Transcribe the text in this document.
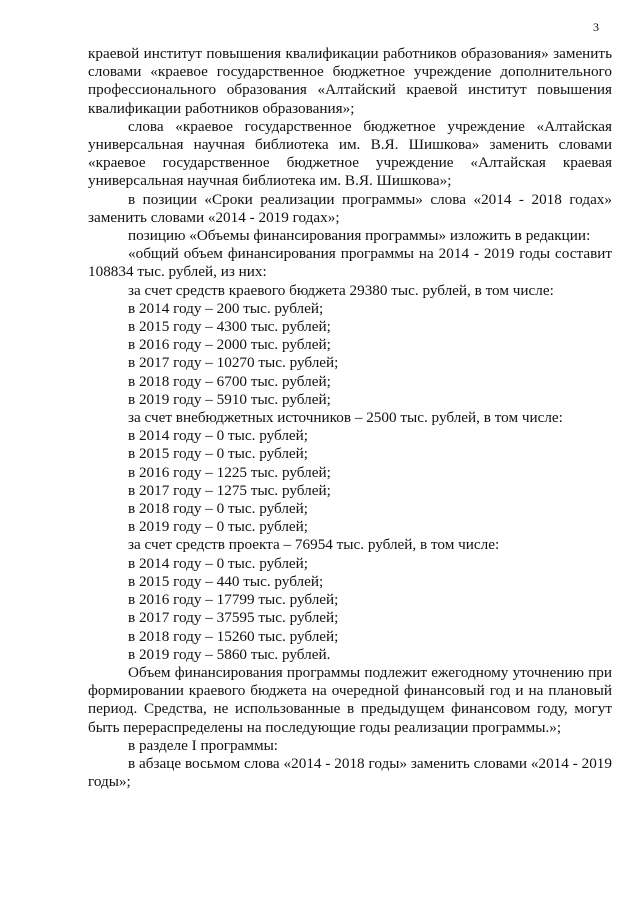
3

краевой институт повышения квалификации работников образования» заменить словами «краевое государственное бюджетное учреждение дополнительного профессионального образования «Алтайский краевой институт повышения квалификации работников образования»;

слова «краевое государственное бюджетное учреждение «Алтайская универсальная научная библиотека им. В.Я. Шишкова» заменить словами «краевое государственное бюджетное учреждение «Алтайская краевая универсальная научная библиотека им. В.Я. Шишкова»;

в позиции «Сроки реализации программы» слова «2014 - 2018 годах» заменить словами «2014 - 2019 годах»;

позицию «Объемы финансирования программы» изложить в редакции:

«общий объем финансирования программы на 2014 - 2019 годы составит 108834 тыс. рублей, из них:

за счет средств краевого бюджета 29380 тыс. рублей, в том числе:

в 2014 году – 200 тыс. рублей;

в 2015 году – 4300 тыс. рублей;

в 2016 году – 2000 тыс. рублей;

в 2017 году – 10270 тыс. рублей;

в 2018 году – 6700 тыс. рублей;

в 2019 году – 5910 тыс. рублей;

за счет внебюджетных источников – 2500 тыс. рублей, в том числе:

в 2014 году – 0 тыс. рублей;

в 2015 году – 0 тыс. рублей;

в 2016 году – 1225 тыс. рублей;

в 2017 году – 1275 тыс. рублей;

в 2018 году – 0 тыс. рублей;

в 2019 году – 0 тыс. рублей;

за счет средств проекта – 76954 тыс. рублей, в том числе:

в 2014 году – 0 тыс. рублей;

в 2015 году – 440 тыс. рублей;

в 2016 году – 17799 тыс. рублей;

в 2017 году – 37595 тыс. рублей;

в 2018 году – 15260 тыс. рублей;

в 2019 году – 5860 тыс. рублей.

Объем финансирования программы подлежит ежегодному уточнению при формировании краевого бюджета на очередной финансовый год и на плановый период. Средства, не использованные в предыдущем финансовом году, могут быть перераспределены на последующие годы реализации программы.»;

в разделе I программы:

в абзаце восьмом слова «2014 - 2018 годы» заменить словами «2014 - 2019 годы»;
